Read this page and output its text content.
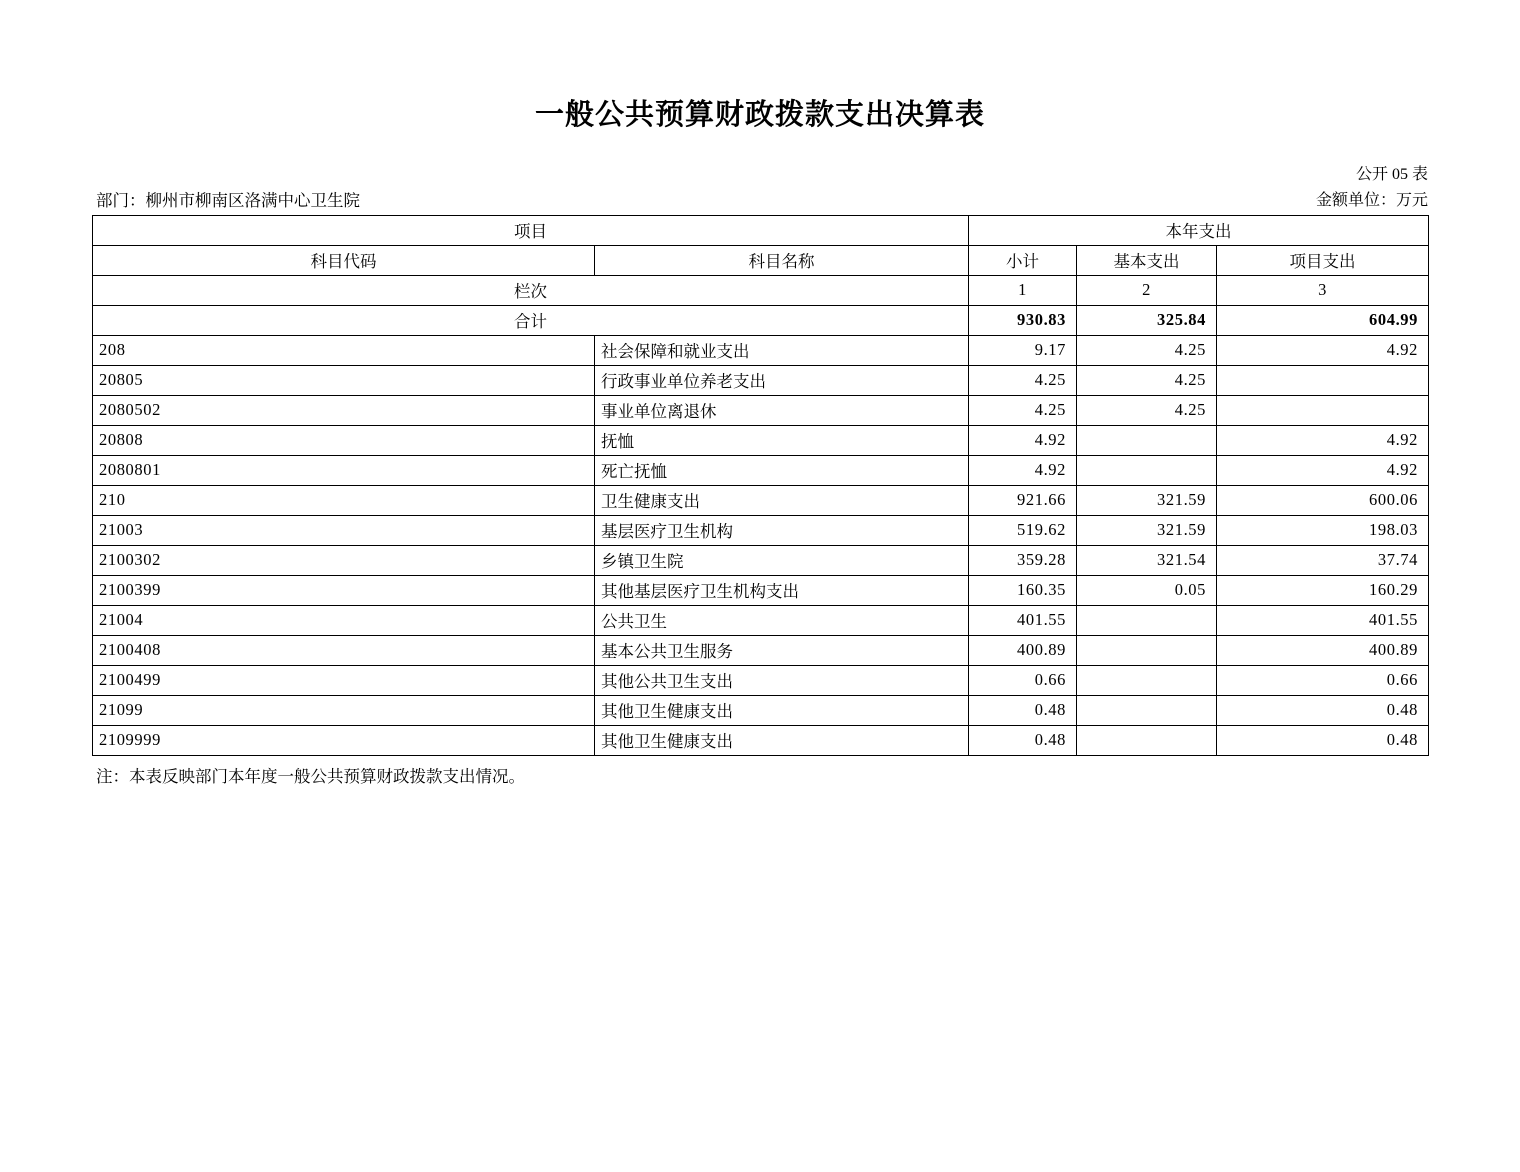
一般公共预算财政拨款支出决算表
公开 05 表
部门：柳州市柳南区洛满中心卫生院	金额单位：万元
项目		本年支出		
科目代码	科目名称	小计	基本支出	项目支出
栏次		1	2	3
合计		930.83	325.84	604.99
208	社会保障和就业支出	9.17	4.25	4.92
20805	行政事业单位养老支出	4.25	4.25	
2080502	事业单位离退休	4.25	4.25	
20808	抚恤	4.92		4.92
2080801	死亡抚恤	4.92		4.92
210	卫生健康支出	921.66	321.59	600.06
21003	基层医疗卫生机构	519.62	321.59	198.03
2100302	乡镇卫生院	359.28	321.54	37.74
2100399	其他基层医疗卫生机构支出	160.35	0.05	160.29
21004	公共卫生	401.55		401.55
2100408	基本公共卫生服务	400.89		400.89
2100499	其他公共卫生支出	0.66		0.66
21099	其他卫生健康支出	0.48		0.48
2109999	其他卫生健康支出	0.48		0.48
注：本表反映部门本年度一般公共预算财政拨款支出情况。
